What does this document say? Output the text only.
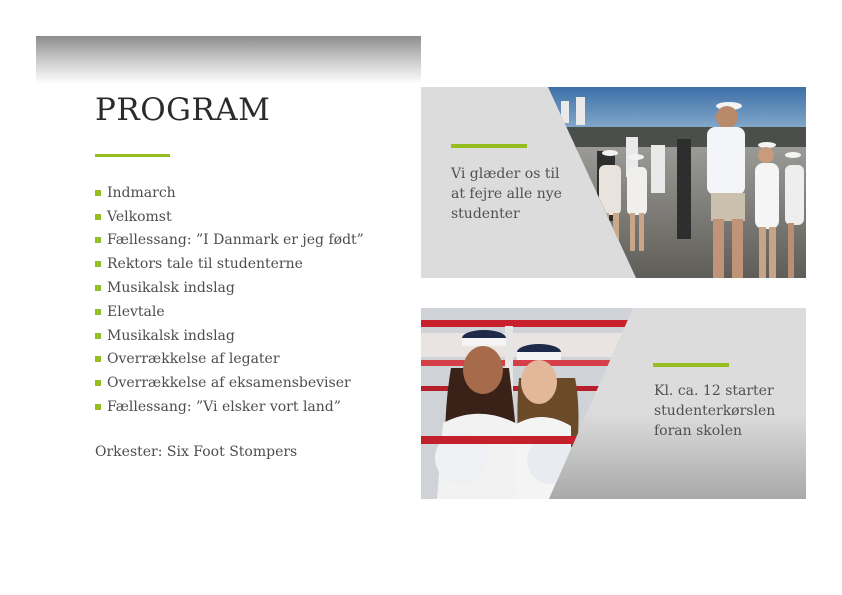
PROGRAM
Indmarch
Velkomst
Fællessang: ”I Danmark er jeg født”
Rektors tale til studenterne
Musikalsk indslag
Elevtale
Musikalsk indslag
Overrækkelse af legater
Overrækkelse af eksamensbeviser
Fællessang: ”Vi elsker vort land”
Orkester: Six Foot Stompers
Vi glæder os til
at fejre alle nye
studenter
Kl. ca. 12 starter
studenterkørslen
foran skolen
